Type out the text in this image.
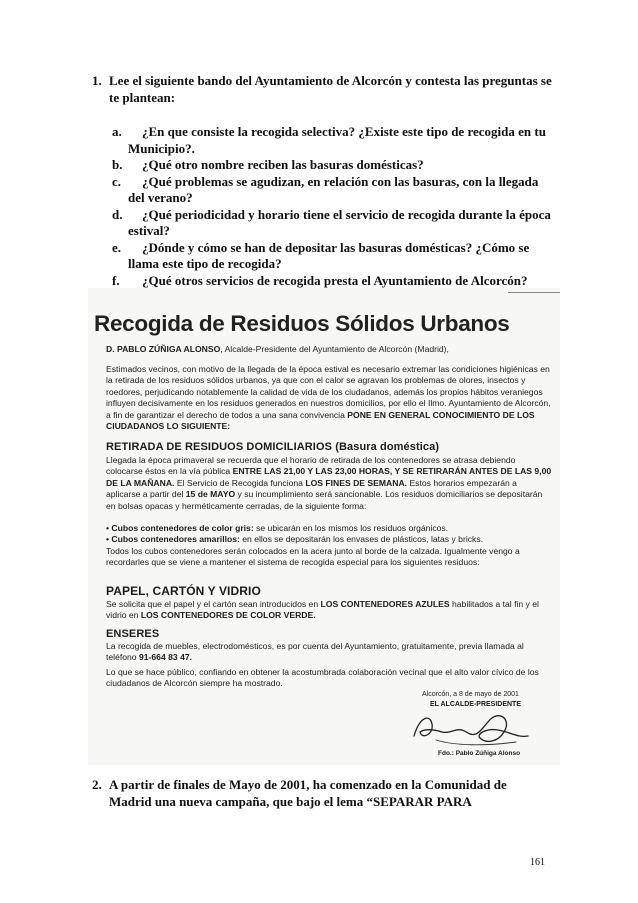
1. Lee el siguiente bando del Ayuntamiento de Alcorcón y contesta las preguntas se te plantean:

a.	¿En que consiste la recogida selectiva? ¿Existe este tipo de recogida en tu Municipio?.

b.	¿Qué otro nombre reciben las basuras domésticas?

c.	¿Qué problemas se agudizan, en relación con las basuras, con la llegada del verano?

d.	¿Qué periodicidad y horario tiene el servicio de recogida durante la época estival?

e.	¿Dónde y cómo se han de depositar las basuras domésticas? ¿Cómo se llama este tipo de recogida?

f.	¿Qué otros servicios de recogida presta el Ayuntamiento de Alcorcón?

Recogida de Residuos Sólidos Urbanos
D. PABLO ZÚÑIGA ALONSO, Alcalde-Presidente del Ayuntamiento de Alcorcón (Madrid),
Estimados vecinos, con motivo de la llegada de la época estival es necesario extremar las condiciones higiénicas en la retirada de los residuos sólidos urbanos, ya que con el calor se agravan los problemas de olores, insectos y roedores, perjudicando notablemente la calidad de vida de los ciudadanos, además los propios hábitos veraniegos influyen decisivamente en los residuos generados en nuestros domicilios, por ello el Ilmo. Ayuntamiento de Alcorcón, a fin de garantizar el derecho de todos a una sana convivencia PONE EN GENERAL CONOCIMIENTO DE LOS CIUDADANOS LO SIGUIENTE:
RETIRADA DE RESIDUOS DOMICILIARIOS (Basura doméstica)
Llegada la época primaveral se recuerda que el horario de retirada de los contenedores se atrasa debiendo colocarse éstos en la vía pública ENTRE LAS 21,00 Y LAS 23,00 HORAS, Y SE RETIRARÁN ANTES DE LAS 9,00 DE LA MAÑANA. El Servicio de Recogida funciona LOS FINES DE SEMANA. Estos horarios empezarán a aplicarse a partir del 15 de MAYO y su incumplimiento será sancionable. Los residuos domiciliarios se depositarán en bolsas opacas y herméticamente cerradas, de la siguiente forma:
• Cubos contenedores de color gris: se ubicarán en los mismos los residuos orgánicos.
• Cubos contenedores amarillos: en ellos se depositarán los envases de plásticos, latas y bricks.
Todos los cubos contenedores serán colocados en la acera junto al borde de la calzada. Igualmente vengo a recordarles que se viene a mantener el sistema de recogida especial para los siguientes residuos:
PAPEL, CARTÓN Y VIDRIO
Se solicita que el papel y el cartón sean introducidos en LOS CONTENEDORES AZULES habilitados a tal fin y el vidrio en LOS CONTENEDORES DE COLOR VERDE.
ENSERES
La recogida de muebles, electrodomésticos, es por cuenta del Ayuntamiento, gratuitamente, previa llamada al teléfono 91-664 83 47.
Lo que se hace público, confiando en obtener la acostumbrada colaboración vecinal que el alto valor cívico de los ciudadanos de Alcorcón siempre ha mostrado.
Alcorcón, a 8 de mayo de 2001
EL ALCALDE-PRESIDENTE
Fdo.: Pablo Zúñiga Alonso
2. A partir de finales de Mayo de 2001, ha comenzado en la Comunidad de Madrid una nueva campaña, que bajo el lema “SEPARAR PARA
161
